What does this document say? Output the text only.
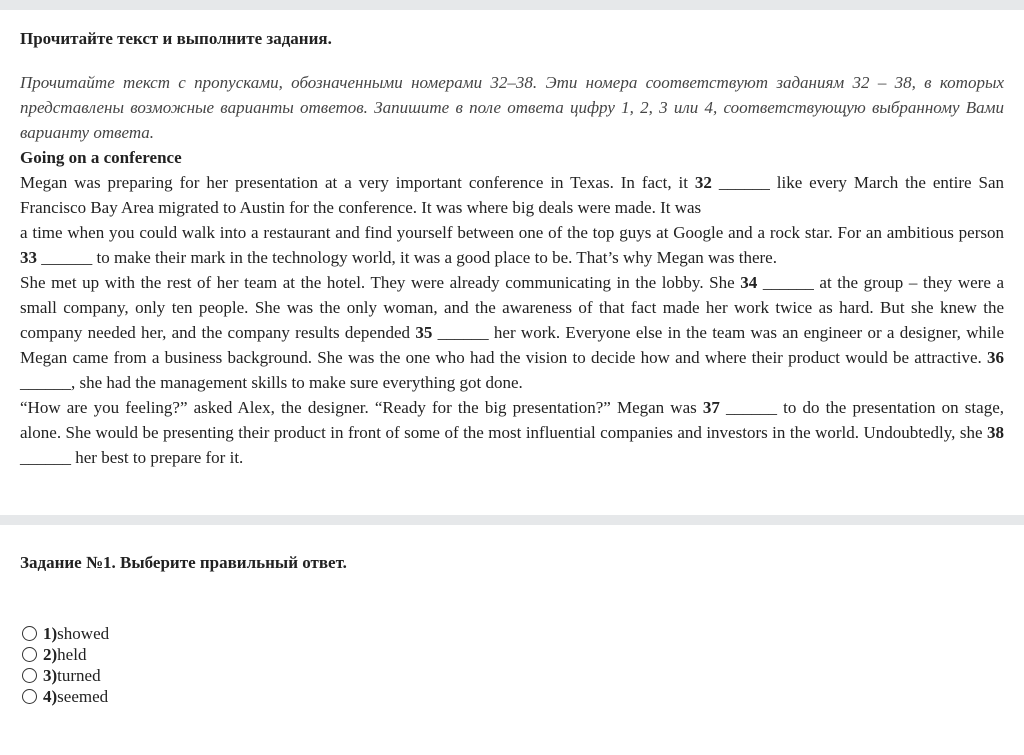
Прочитайте текст и выполните задания.

Прочитайте текст с пропусками, обозначенными номерами 32–38. Эти номера соответствуют заданиям 32 – 38, в которых представлены возможные варианты ответов. Запишите в поле ответа цифру 1, 2, 3 или 4, соответствующую выбранному Вами варианту ответа.

Going on a conference

Megan was preparing for her presentation at a very important conference in Texas. In fact, it 32 ______ like every March the entire San Francisco Bay Area migrated to Austin for the conference. It was where big deals were made. It was

a time when you could walk into a restaurant and find yourself between one of the top guys at Google and a rock star. For an ambitious person 33 ______ to make their mark in the technology world, it was a good place to be. That’s why Megan was there.

She met up with the rest of her team at the hotel. They were already communicating in the lobby. She 34 ______ at the group – they were a small company, only ten people. She was the only woman, and the awareness of that fact made her work twice as hard. But she knew the company needed her, and the company results depended 35 ______ her work. Everyone else in the team was an engineer or a designer, while Megan came from a business background. She was the one who had the vision to decide how and where their product would be attractive. 36 ______, she had the management skills to make sure everything got done.

“How are you feeling?” asked Alex, the designer. “Ready for the big presentation?” Megan was 37 ______ to do the presentation on stage, alone. She would be presenting their product in front of some of the most influential companies and investors in the world. Undoubtedly, she 38 ______ her best to prepare for it.

Задание №1. Выберите правильный ответ.
1) showed
2) held
3) turned
4) seemed
